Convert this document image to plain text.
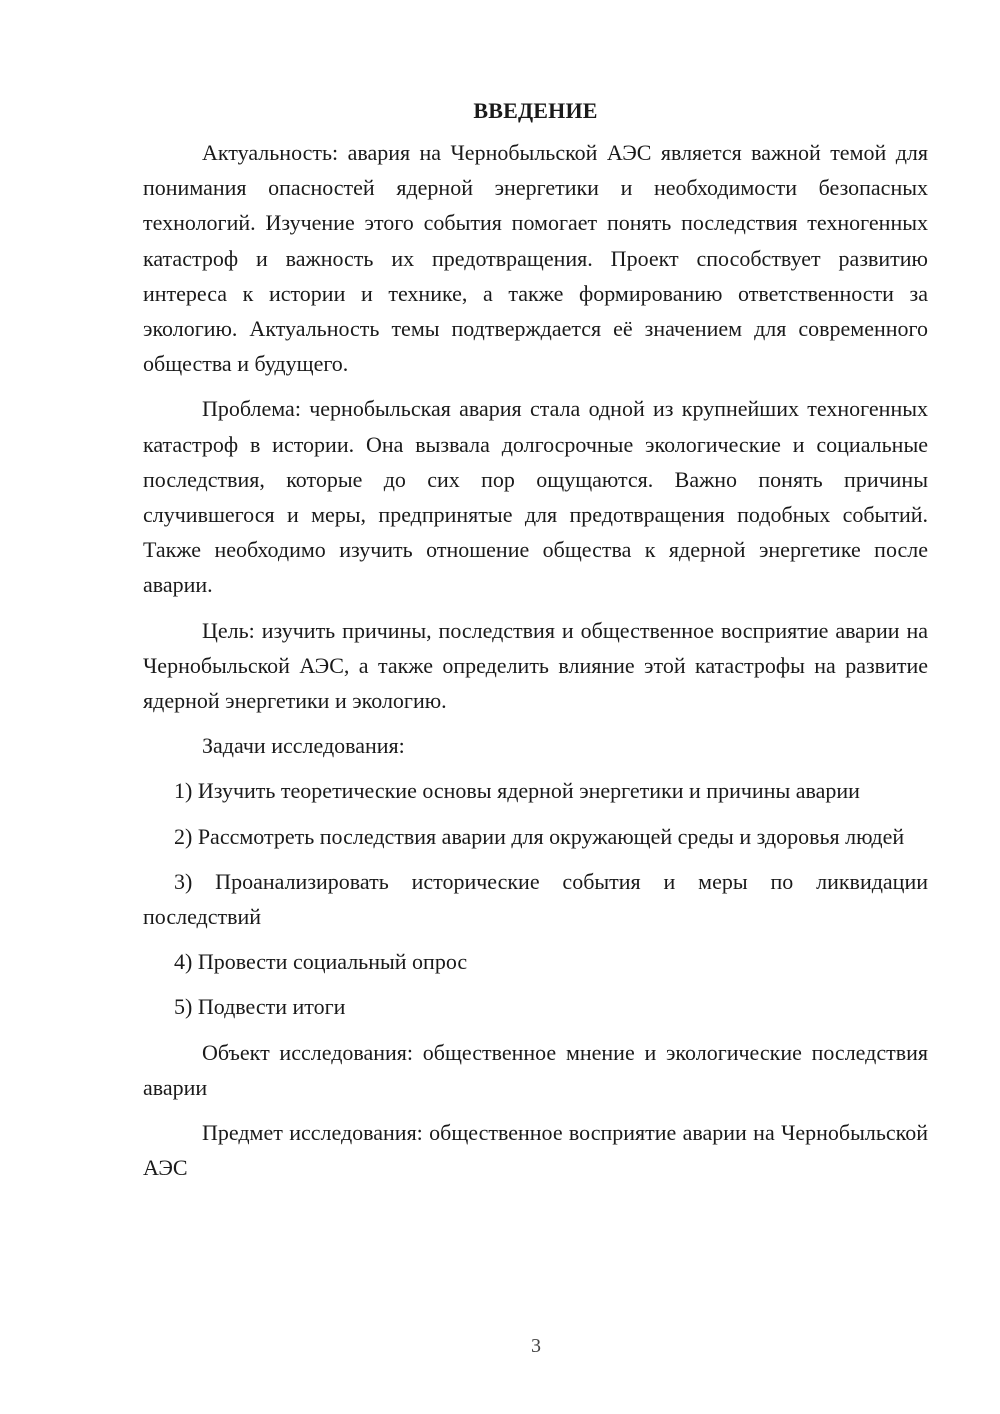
ВВЕДЕНИЕ

Актуальность: авария на Чернобыльской АЭС является важной темой для понимания опасностей ядерной энергетики и необходимости безопасных технологий. Изучение этого события помогает понять последствия техногенных катастроф и важность их предотвращения. Проект способствует развитию интереса к истории и технике, а также формированию ответственности за экологию. Актуальность темы подтверждается её значением для современного общества и будущего.

Проблема: чернобыльская авария стала одной из крупнейших техногенных катастроф в истории. Она вызвала долгосрочные экологические и социальные последствия, которые до сих пор ощущаются. Важно понять причины случившегося и меры, предпринятые для предотвращения подобных событий. Также необходимо изучить отношение общества к ядерной энергетике после аварии.

Цель: изучить причины, последствия и общественное восприятие аварии на Чернобыльской АЭС, а также определить влияние этой катастрофы на развитие ядерной энергетики и экологию.

Задачи исследования:

1) Изучить теоретические основы ядерной энергетики и причины аварии

2) Рассмотреть последствия аварии для окружающей среды и здоровья людей

3) Проанализировать исторические события и меры по ликвидации последствий

4) Провести социальный опрос

5) Подвести итоги

Объект исследования: общественное мнение и экологические последствия аварии

Предмет исследования: общественное восприятие аварии на Чернобыльской АЭС

3
